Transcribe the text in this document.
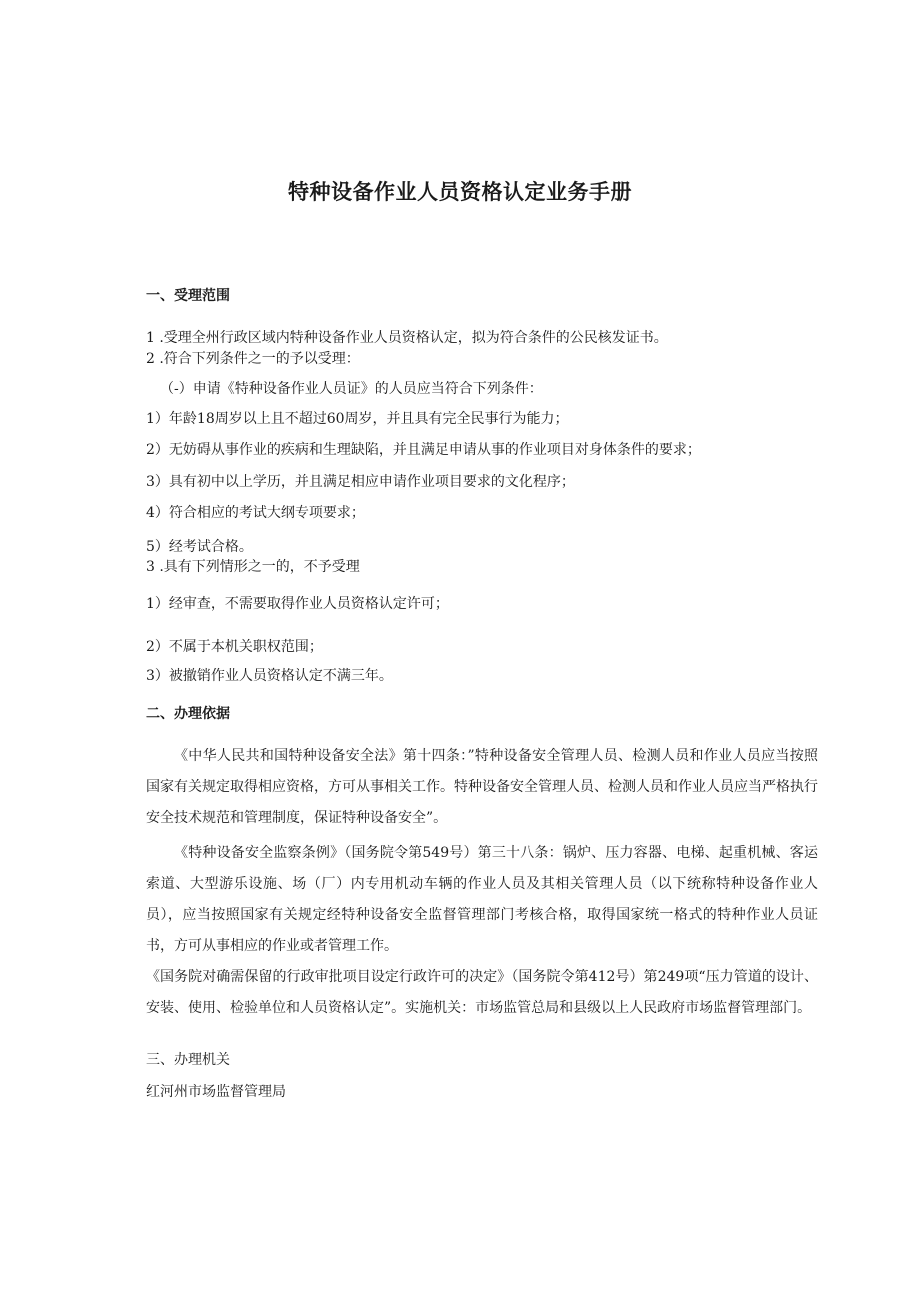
特种设备作业人员资格认定业务手册
一、受理范围

1 .受理全州行政区域内特种设备作业人员资格认定，拟为符合条件的公民核发证书。

2 .符合下列条件之一的予以受理：

（-）申请《特种设备作业人员证》的人员应当符合下列条件：

1）年龄18周岁以上且不超过60周岁，并且具有完全民事行为能力；

2）无妨碍从事作业的疾病和生理缺陷，并且满足申请从事的作业项目对身体条件的要求；

3）具有初中以上学历，并且满足相应申请作业项目要求的文化程序；

4）符合相应的考试大纲专项要求；

5）经考试合格。

3 .具有下列情形之一的，不予受理

1）经审查，不需要取得作业人员资格认定许可；

2）不属于本机关职权范围；

3）被撤销作业人员资格认定不满三年。

二、办理依据

《中华人民共和国特种设备安全法》第十四条：”特种设备安全管理人员、检测人员和作业人员应当按照国家有关规定取得相应资格，方可从事相关工作。特种设备安全管理人员、检测人员和作业人员应当严格执行安全技术规范和管理制度，保证特种设备安全”。

《特种设备安全监察条例》（国务院令第549号）第三十八条：锅炉、压力容器、电梯、起重机械、客运索道、大型游乐设施、场（厂）内专用机动车辆的作业人员及其相关管理人员（以下统称特种设备作业人员），应当按照国家有关规定经特种设备安全监督管理部门考核合格，取得国家统一格式的特种作业人员证书，方可从事相应的作业或者管理工作。

《国务院对确需保留的行政审批项目设定行政许可的决定》（国务院令第412号）第249项“压力管道的设计、安装、使用、检验单位和人员资格认定”。实施机关：市场监管总局和县级以上人民政府市场监督管理部门。

三、办理机关

红河州市场监督管理局
